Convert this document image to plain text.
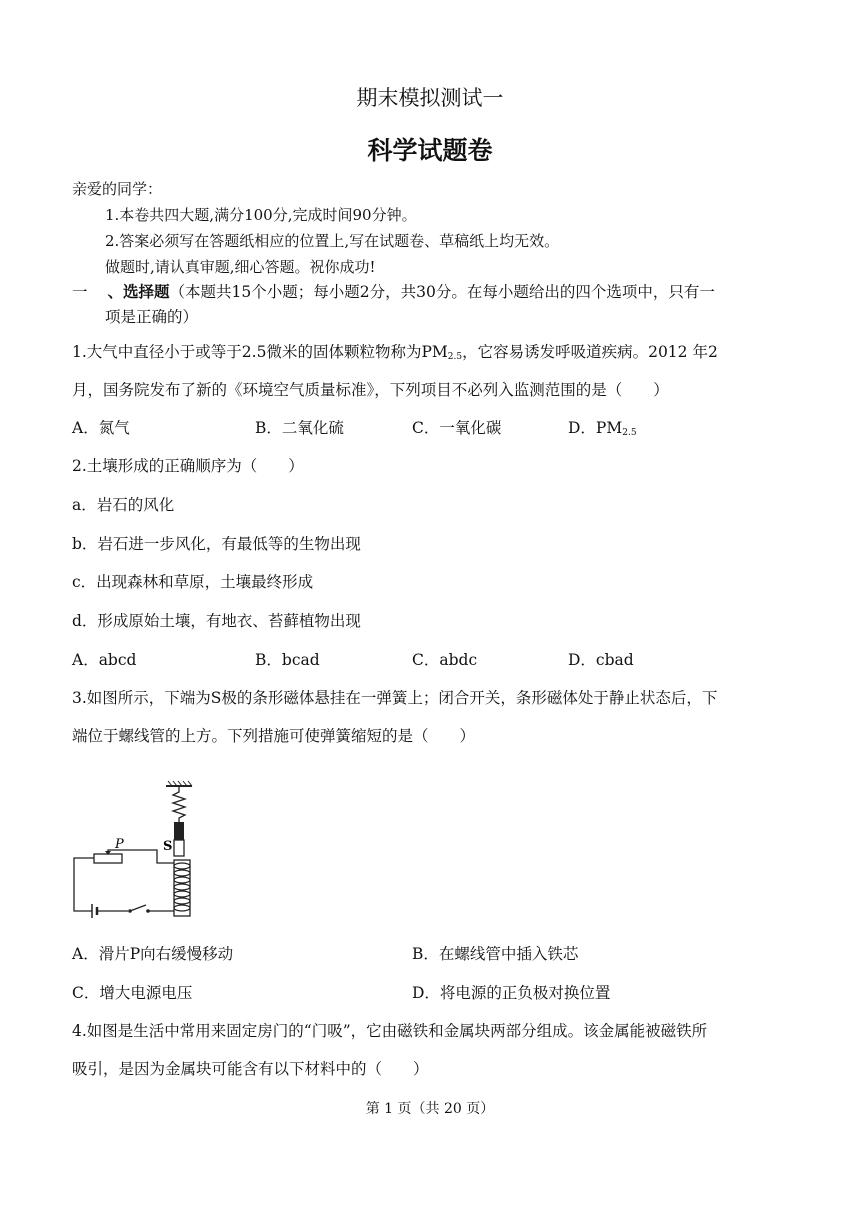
期末模拟测试一
科学试题卷
亲爱的同学：
1.本卷共四大题,满分100分,完成时间90分钟。
2.答案必须写在答题纸相应的位置上,写在试题卷、草稿纸上均无效。
做题时,请认真审题,细心答题。祝你成功!
一 、选择题（本题共15个小题；每小题2分，共30分。在每小题给出的四个选项中，只有一
项是正确的）
1.大气中直径小于或等于2.5微米的固体颗粒物称为$PM_{2.5}$，它容易诱发呼吸道疾病。2012 年2
月，国务院发布了新的《环境空气质量标准》，下列项目不必列入监测范围的是（　　）
A．氮气	B．二氧化硫	C．一氧化碳	D．$PM_{2.5}$
2.土壤形成的正确顺序为（　　）
a．岩石的风化
b．岩石进一步风化，有最低等的生物出现
c．出现森林和草原，土壤最终形成
d．形成原始土壤，有地衣、苔藓植物出现
A．abcd	B．bcad	C．abdc	D．cbad
3.如图所示，下端为S极的条形磁体悬挂在一弹簧上；闭合开关，条形磁体处于静止状态后，下
端位于螺线管的上方。下列措施可使弹簧缩短的是（　　）
S
P
A．滑片P向右缓慢移动	B．在螺线管中插入铁芯
C．增大电源电压	D．将电源的正负极对换位置
4.如图是生活中常用来固定房门的“门吸”，它由磁铁和金属块两部分组成。该金属能被磁铁所
吸引，是因为金属块可能含有以下材料中的（　　）
第 1 页（共 20 页）
